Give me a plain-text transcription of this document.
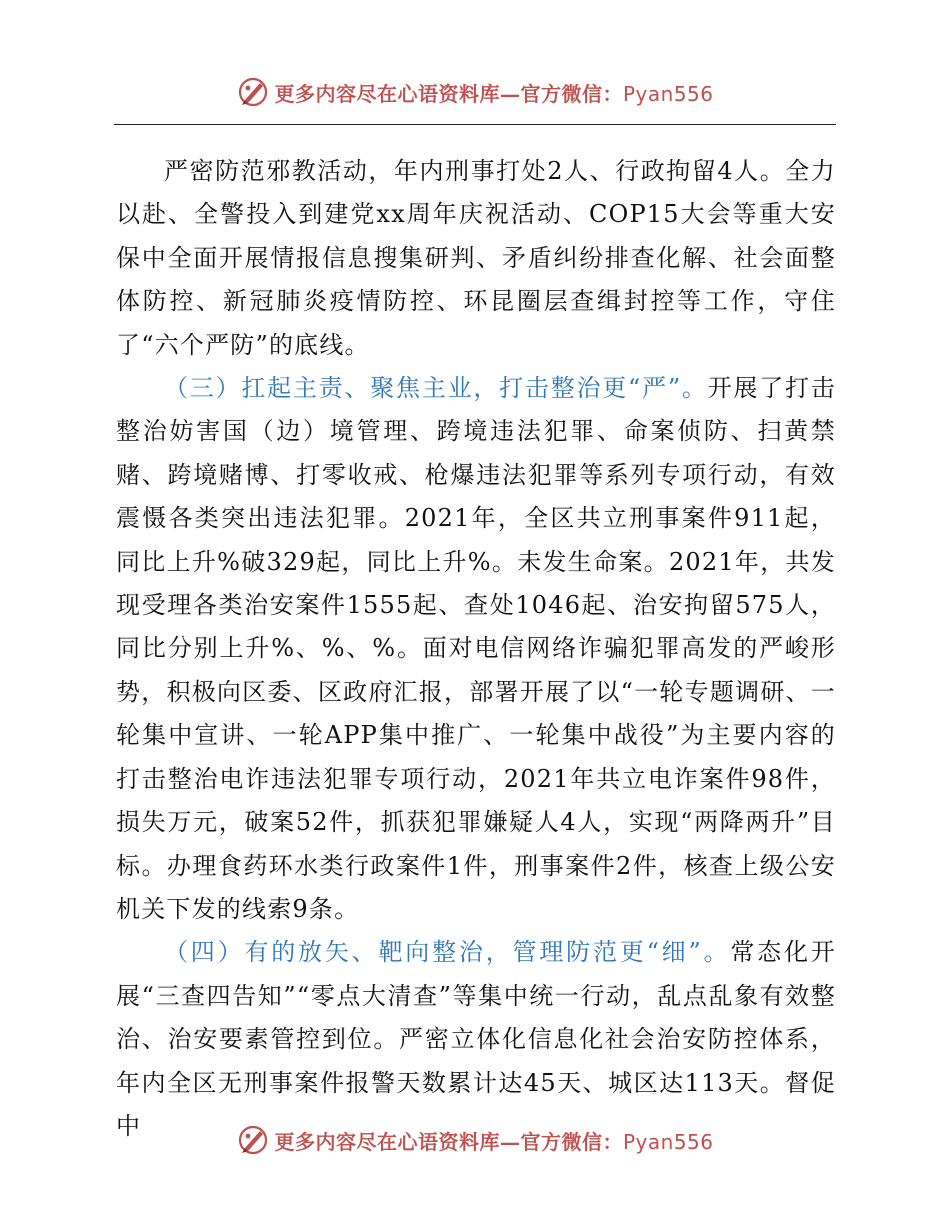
更多内容尽在心语资料库—官方微信：Pyan556

严密防范邪教活动，年内刑事打处2人、行政拘留4人。全力以赴、全警投入到建党xx周年庆祝活动、COP15大会等重大安保中全面开展情报信息搜集研判、矛盾纠纷排查化解、社会面整体防控、新冠肺炎疫情防控、环昆圈层查缉封控等工作，守住了“六个严防”的底线。

（三）扛起主责、聚焦主业，打击整治更“严”。开展了打击整治妨害国（边）境管理、跨境违法犯罪、命案侦防、扫黄禁赌、跨境赌博、打零收戒、枪爆违法犯罪等系列专项行动，有效震慑各类突出违法犯罪。2021年，全区共立刑事案件911起，同比上升%破329起，同比上升%。未发生命案。2021年，共发现受理各类治安案件1555起、查处1046起、治安拘留575人，同比分别上升%、%、%。面对电信网络诈骗犯罪高发的严峻形势，积极向区委、区政府汇报，部署开展了以“一轮专题调研、一轮集中宣讲、一轮APP集中推广、一轮集中战役”为主要内容的打击整治电诈违法犯罪专项行动，2021年共立电诈案件98件，损失万元，破案52件，抓获犯罪嫌疑人4人，实现“两降两升”目标。办理食药环水类行政案件1件，刑事案件2件，核查上级公安机关下发的线索9条。

（四）有的放矢、靶向整治，管理防范更“细”。常态化开展“三查四告知”“零点大清查”等集中统一行动，乱点乱象有效整治、治安要素管控到位。严密立体化信息化社会治安防控体系，年内全区无刑事案件报警天数累计达45天、城区达113天。督促中

更多内容尽在心语资料库—官方微信：Pyan556
